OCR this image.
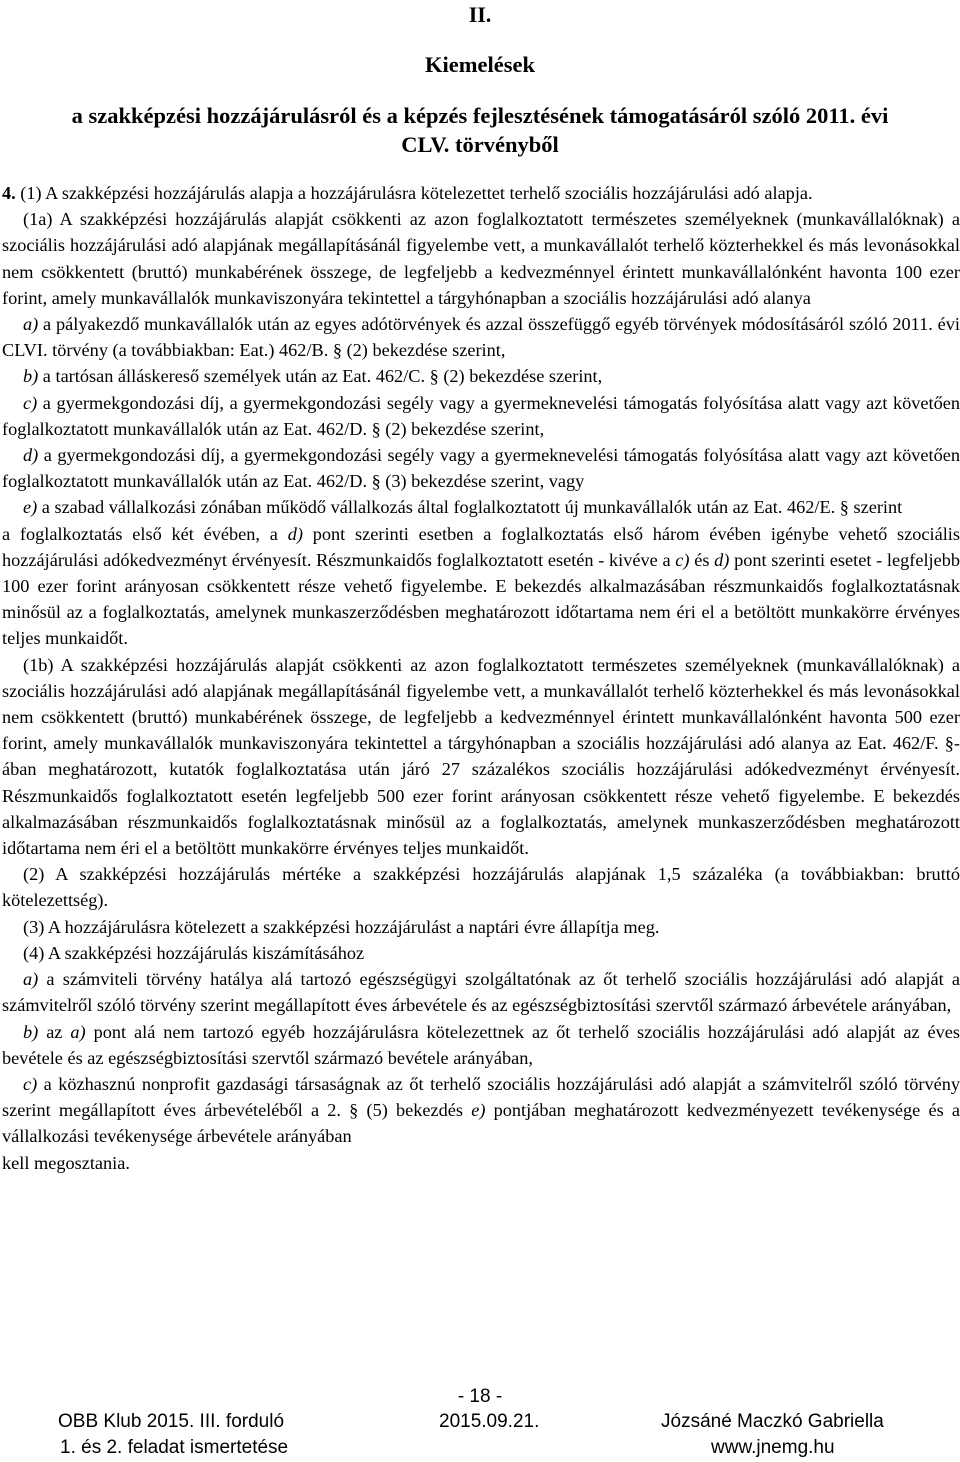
II.
Kiemelések
a szakképzési hozzájárulásról és a képzés fejlesztésének támogatásáról szóló 2011. évi
CLV. törvényből

4. (1) A szakképzési hozzájárulás alapja a hozzájárulásra kötelezettet terhelő szociális hozzájárulási adó alapja.

(1a) A szakképzési hozzájárulás alapját csökkenti az azon foglalkoztatott természetes személyeknek (munkavállalóknak) a szociális hozzájárulási adó alapjának megállapításánál figyelembe vett, a munkavállalót terhelő közterhekkel és más levonásokkal nem csökkentett (bruttó) munkabérének összege, de legfeljebb a kedvezménnyel érintett munkavállalónként havonta 100 ezer forint, amely munkavállalók munkaviszonyára tekintettel a tárgyhónapban a szociális hozzájárulási adó alanya

a) a pályakezdő munkavállalók után az egyes adótörvények és azzal összefüggő egyéb törvények módosításáról szóló 2011. évi CLVI. törvény (a továbbiakban: Eat.) 462/B. § (2) bekezdése szerint,

b) a tartósan álláskereső személyek után az Eat. 462/C. § (2) bekezdése szerint,

c) a gyermekgondozási díj, a gyermekgondozási segély vagy a gyermeknevelési támogatás folyósítása alatt vagy azt követően foglalkoztatott munkavállalók után az Eat. 462/D. § (2) bekezdése szerint,

d) a gyermekgondozási díj, a gyermekgondozási segély vagy a gyermeknevelési támogatás folyósítása alatt vagy azt követően foglalkoztatott munkavállalók után az Eat. 462/D. § (3) bekezdése szerint, vagy

e) a szabad vállalkozási zónában működő vállalkozás által foglalkoztatott új munkavállalók után az Eat. 462/E. § szerint

a foglalkoztatás első két évében, a d) pont szerinti esetben a foglalkoztatás első három évében igénybe vehető szociális hozzájárulási adókedvezményt érvényesít. Részmunkaidős foglalkoztatott esetén - kivéve a c) és d) pont szerinti esetet - legfeljebb 100 ezer forint arányosan csökkentett része vehető figyelembe. E bekezdés alkalmazásában részmunkaidős foglalkoztatásnak minősül az a foglalkoztatás, amelynek munkaszerződésben meghatározott időtartama nem éri el a betöltött munkakörre érvényes teljes munkaidőt.

(1b) A szakképzési hozzájárulás alapját csökkenti az azon foglalkoztatott természetes személyeknek (munkavállalóknak) a szociális hozzájárulási adó alapjának megállapításánál figyelembe vett, a munkavállalót terhelő közterhekkel és más levonásokkal nem csökkentett (bruttó) munkabérének összege, de legfeljebb a kedvezménnyel érintett munkavállalónként havonta 500 ezer forint, amely munkavállalók munkaviszonyára tekintettel a tárgyhónapban a szociális hozzájárulási adó alanya az Eat. 462/F. §-ában meghatározott, kutatók foglalkoztatása után járó 27 százalékos szociális hozzájárulási adókedvezményt érvényesít. Részmunkaidős foglalkoztatott esetén legfeljebb 500 ezer forint arányosan csökkentett része vehető figyelembe. E bekezdés alkalmazásában részmunkaidős foglalkoztatásnak minősül az a foglalkoztatás, amelynek munkaszerződésben meghatározott időtartama nem éri el a betöltött munkakörre érvényes teljes munkaidőt.

(2) A szakképzési hozzájárulás mértéke a szakképzési hozzájárulás alapjának 1,5 százaléka (a továbbiakban: bruttó kötelezettség).

(3) A hozzájárulásra kötelezett a szakképzési hozzájárulást a naptári évre állapítja meg.

(4) A szakképzési hozzájárulás kiszámításához

a) a számviteli törvény hatálya alá tartozó egészségügyi szolgáltatónak az őt terhelő szociális hozzájárulási adó alapját a számvitelről szóló törvény szerint megállapított éves árbevétele és az egészségbiztosítási szervtől származó árbevétele arányában,

b) az a) pont alá nem tartozó egyéb hozzájárulásra kötelezettnek az őt terhelő szociális hozzájárulási adó alapját az éves bevétele és az egészségbiztosítási szervtől származó bevétele arányában,

c) a közhasznú nonprofit gazdasági társaságnak az őt terhelő szociális hozzájárulási adó alapját a számvitelről szóló törvény szerint megállapított éves árbevételéből a 2. § (5) bekezdés e) pontjában meghatározott kedvezményezett tevékenysége és a vállalkozási tevékenysége árbevétele arányában

kell megosztania.

- 18 -
OBB Klub 2015. III. forduló	2015.09.21.	Józsáné Maczkó Gabriella
1. és 2. feladat ismertetése	www.jnemg.hu
